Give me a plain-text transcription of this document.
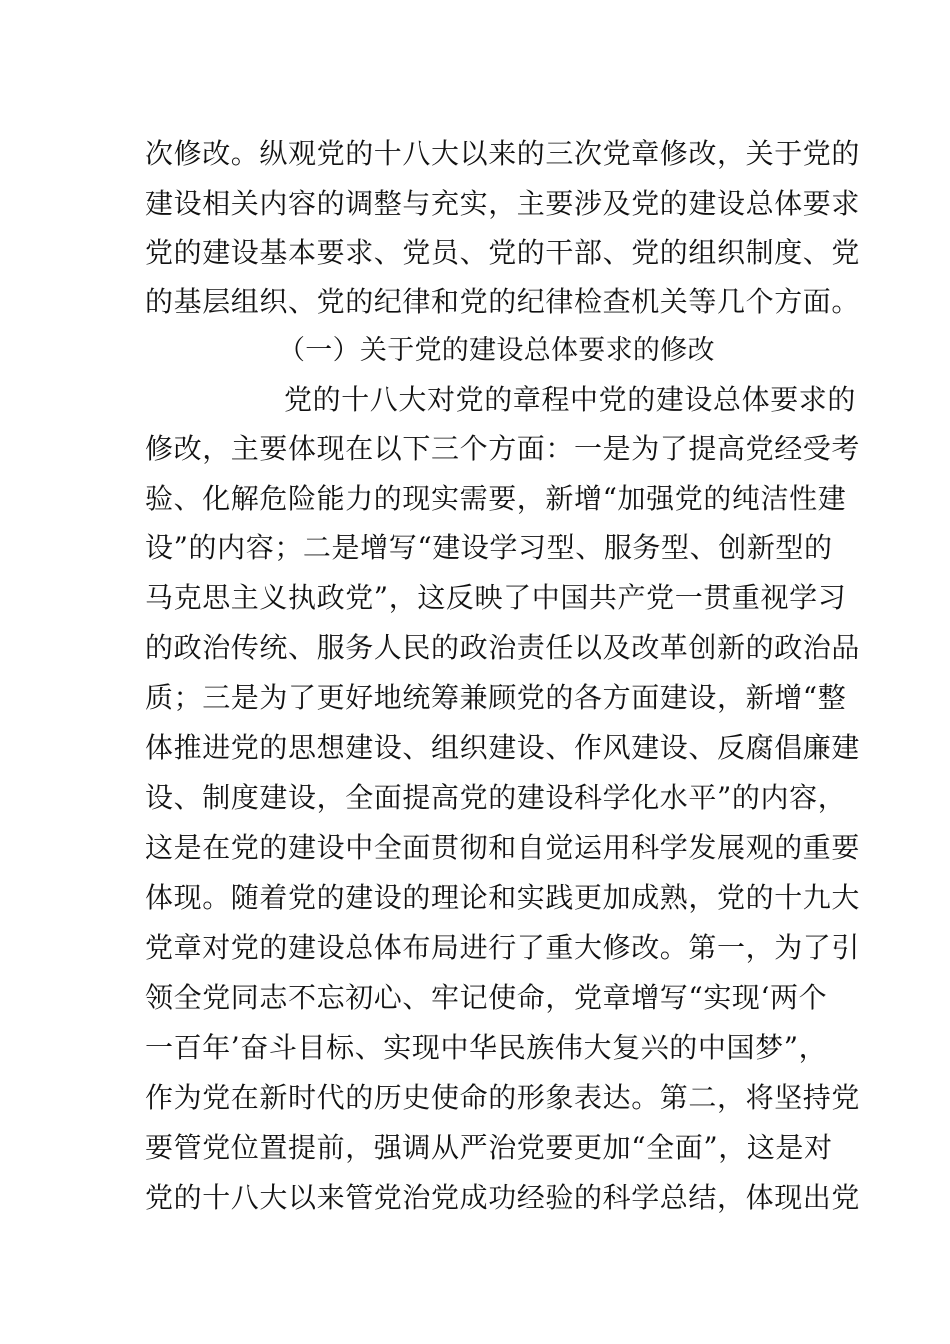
次修改。纵观党的十八大以来的三次党章修改，关于党的
建设相关内容的调整与充实，主要涉及党的建设总体要求
党的建设基本要求、党员、党的干部、党的组织制度、党
的基层组织、党的纪律和党的纪律检查机关等几个方面。
（一）关于党的建设总体要求的修改
党的十八大对党的章程中党的建设总体要求的
修改，主要体现在以下三个方面：一是为了提高党经受考
验、化解危险能力的现实需要，新增“加强党的纯洁性建
设”的内容；二是增写“建设学习型、服务型、创新型的
马克思主义执政党”，这反映了中国共产党一贯重视学习
的政治传统、服务人民的政治责任以及改革创新的政治品
质；三是为了更好地统筹兼顾党的各方面建设，新增“整
体推进党的思想建设、组织建设、作风建设、反腐倡廉建
设、制度建设，全面提高党的建设科学化水平”的内容，
这是在党的建设中全面贯彻和自觉运用科学发展观的重要
体现。随着党的建设的理论和实践更加成熟，党的十九大
党章对党的建设总体布局进行了重大修改。第一，为了引
领全党同志不忘初心、牢记使命，党章增写“实现‘两个
一百年’奋斗目标、实现中华民族伟大复兴的中国梦”，
作为党在新时代的历史使命的形象表达。第二，将坚持党
要管党位置提前，强调从严治党要更加“全面”，这是对
党的十八大以来管党治党成功经验的科学总结，体现出党
